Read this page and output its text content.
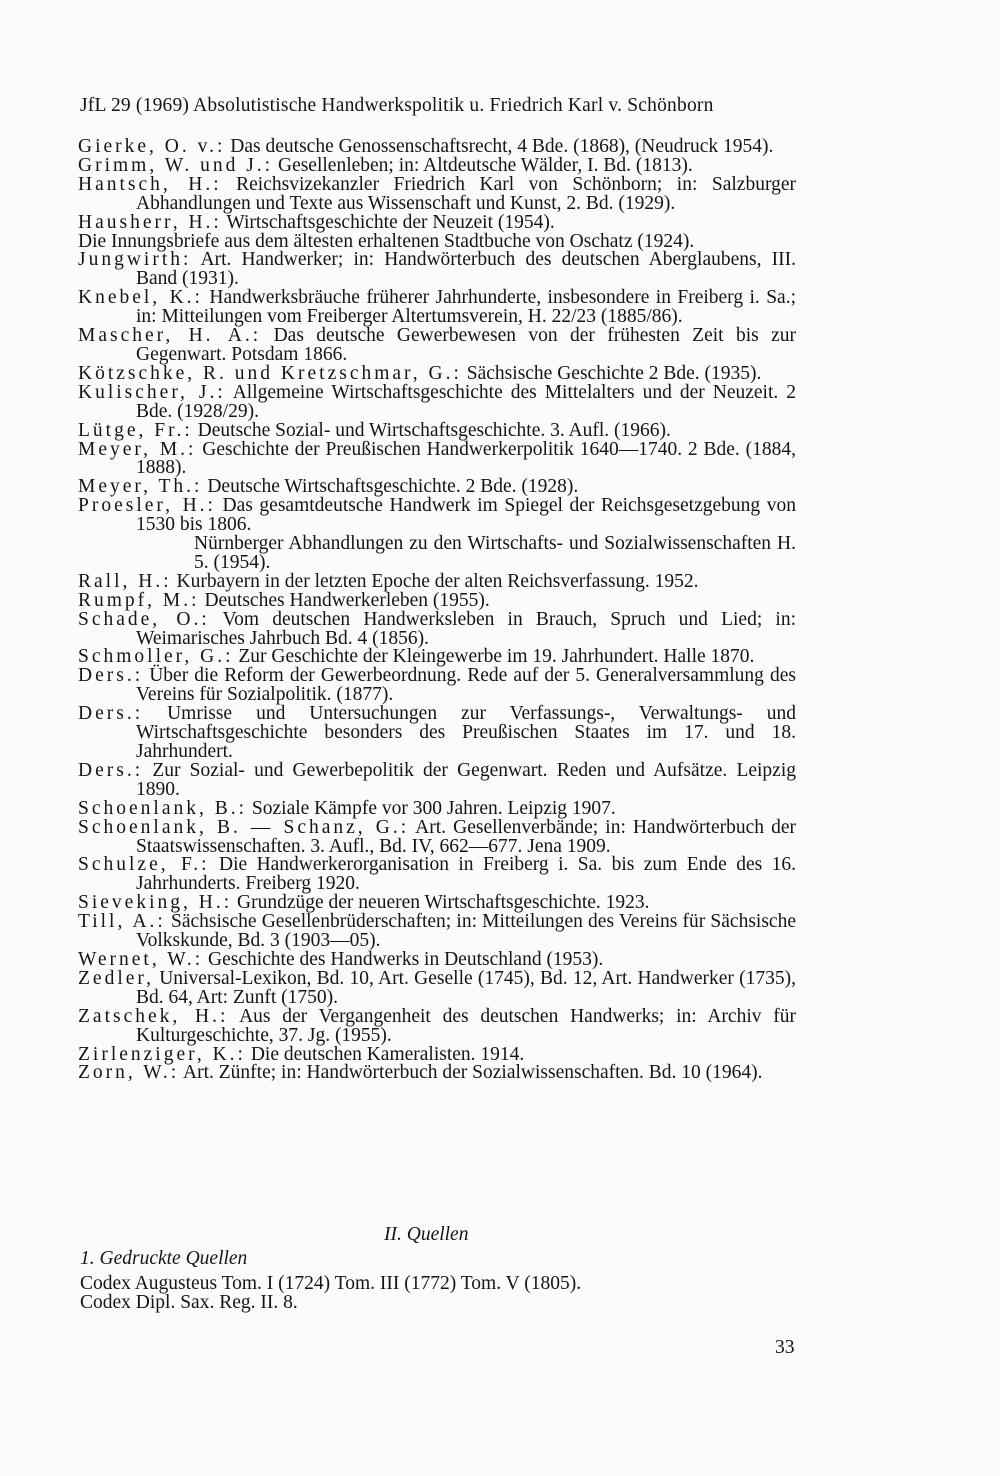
JfL 29 (1969) Absolutistische Handwerkspolitik u. Friedrich Karl v. Schönborn
Gierke, O. v.: Das deutsche Genossenschaftsrecht, 4 Bde. (1868), (Neudruck 1954).
Grimm, W. und J.: Gesellenleben; in: Altdeutsche Wälder, I. Bd. (1813).
Hantsch, H.: Reichsvizekanzler Friedrich Karl von Schönborn; in: Salzburger Abhandlungen und Texte aus Wissenschaft und Kunst, 2. Bd. (1929).
Hausherr, H.: Wirtschaftsgeschichte der Neuzeit (1954).
Die Innungsbriefe aus dem ältesten erhaltenen Stadtbuche von Oschatz (1924).
Jungwirth: Art. Handwerker; in: Handwörterbuch des deutschen Aberglaubens, III. Band (1931).
Knebel, K.: Handwerksbräuche früherer Jahrhunderte, insbesondere in Freiberg i. Sa.; in: Mitteilungen vom Freiberger Altertumsverein, H. 22/23 (1885/86).
Mascher, H. A.: Das deutsche Gewerbewesen von der frühesten Zeit bis zur Gegenwart. Potsdam 1866.
Kötzschke, R. und Kretzschmar, G.: Sächsische Geschichte 2 Bde. (1935).
Kulischer, J.: Allgemeine Wirtschaftsgeschichte des Mittelalters und der Neuzeit. 2 Bde. (1928/29).
Lütge, Fr.: Deutsche Sozial- und Wirtschaftsgeschichte. 3. Aufl. (1966).
Meyer, M.: Geschichte der Preußischen Handwerkerpolitik 1640—1740. 2 Bde. (1884, 1888).
Meyer, Th.: Deutsche Wirtschaftsgeschichte. 2 Bde. (1928).
Proesler, H.: Das gesamtdeutsche Handwerk im Spiegel der Reichsgesetzgebung von 1530 bis 1806.
Nürnberger Abhandlungen zu den Wirtschafts- und Sozialwissenschaften H. 5. (1954).
Rall, H.: Kurbayern in der letzten Epoche der alten Reichsverfassung. 1952.
Rumpf, M.: Deutsches Handwerkerleben (1955).
Schade, O.: Vom deutschen Handwerksleben in Brauch, Spruch und Lied; in: Weimarisches Jahrbuch Bd. 4 (1856).
Schmoller, G.: Zur Geschichte der Kleingewerbe im 19. Jahrhundert. Halle 1870.
Ders.: Über die Reform der Gewerbeordnung. Rede auf der 5. Generalversammlung des Vereins für Sozialpolitik. (1877).
Ders.: Umrisse und Untersuchungen zur Verfassungs-, Verwaltungs- und Wirtschaftsgeschichte besonders des Preußischen Staates im 17. und 18. Jahrhundert.
Ders.: Zur Sozial- und Gewerbepolitik der Gegenwart. Reden und Aufsätze. Leipzig 1890.
Schoenlank, B.: Soziale Kämpfe vor 300 Jahren. Leipzig 1907.
Schoenlank, B. — Schanz, G.: Art. Gesellenverbände; in: Handwörterbuch der Staatswissenschaften. 3. Aufl., Bd. IV, 662—677. Jena 1909.
Schulze, F.: Die Handwerkerorganisation in Freiberg i. Sa. bis zum Ende des 16. Jahrhunderts. Freiberg 1920.
Sieveking, H.: Grundzüge der neueren Wirtschaftsgeschichte. 1923.
Till, A.: Sächsische Gesellenbrüderschaften; in: Mitteilungen des Vereins für Sächsische Volkskunde, Bd. 3 (1903—05).
Wernet, W.: Geschichte des Handwerks in Deutschland (1953).
Zedler, Universal-Lexikon, Bd. 10, Art. Geselle (1745), Bd. 12, Art. Handwerker (1735), Bd. 64, Art: Zunft (1750).
Zatschek, H.: Aus der Vergangenheit des deutschen Handwerks; in: Archiv für Kulturgeschichte, 37. Jg. (1955).
Zirlenziger, K.: Die deutschen Kameralisten. 1914.
Zorn, W.: Art. Zünfte; in: Handwörterbuch der Sozialwissenschaften. Bd. 10 (1964).
II. Quellen
1. Gedruckte Quellen
Codex Augusteus Tom. I (1724) Tom. III (1772) Tom. V (1805).
Codex Dipl. Sax. Reg. II. 8.
33
